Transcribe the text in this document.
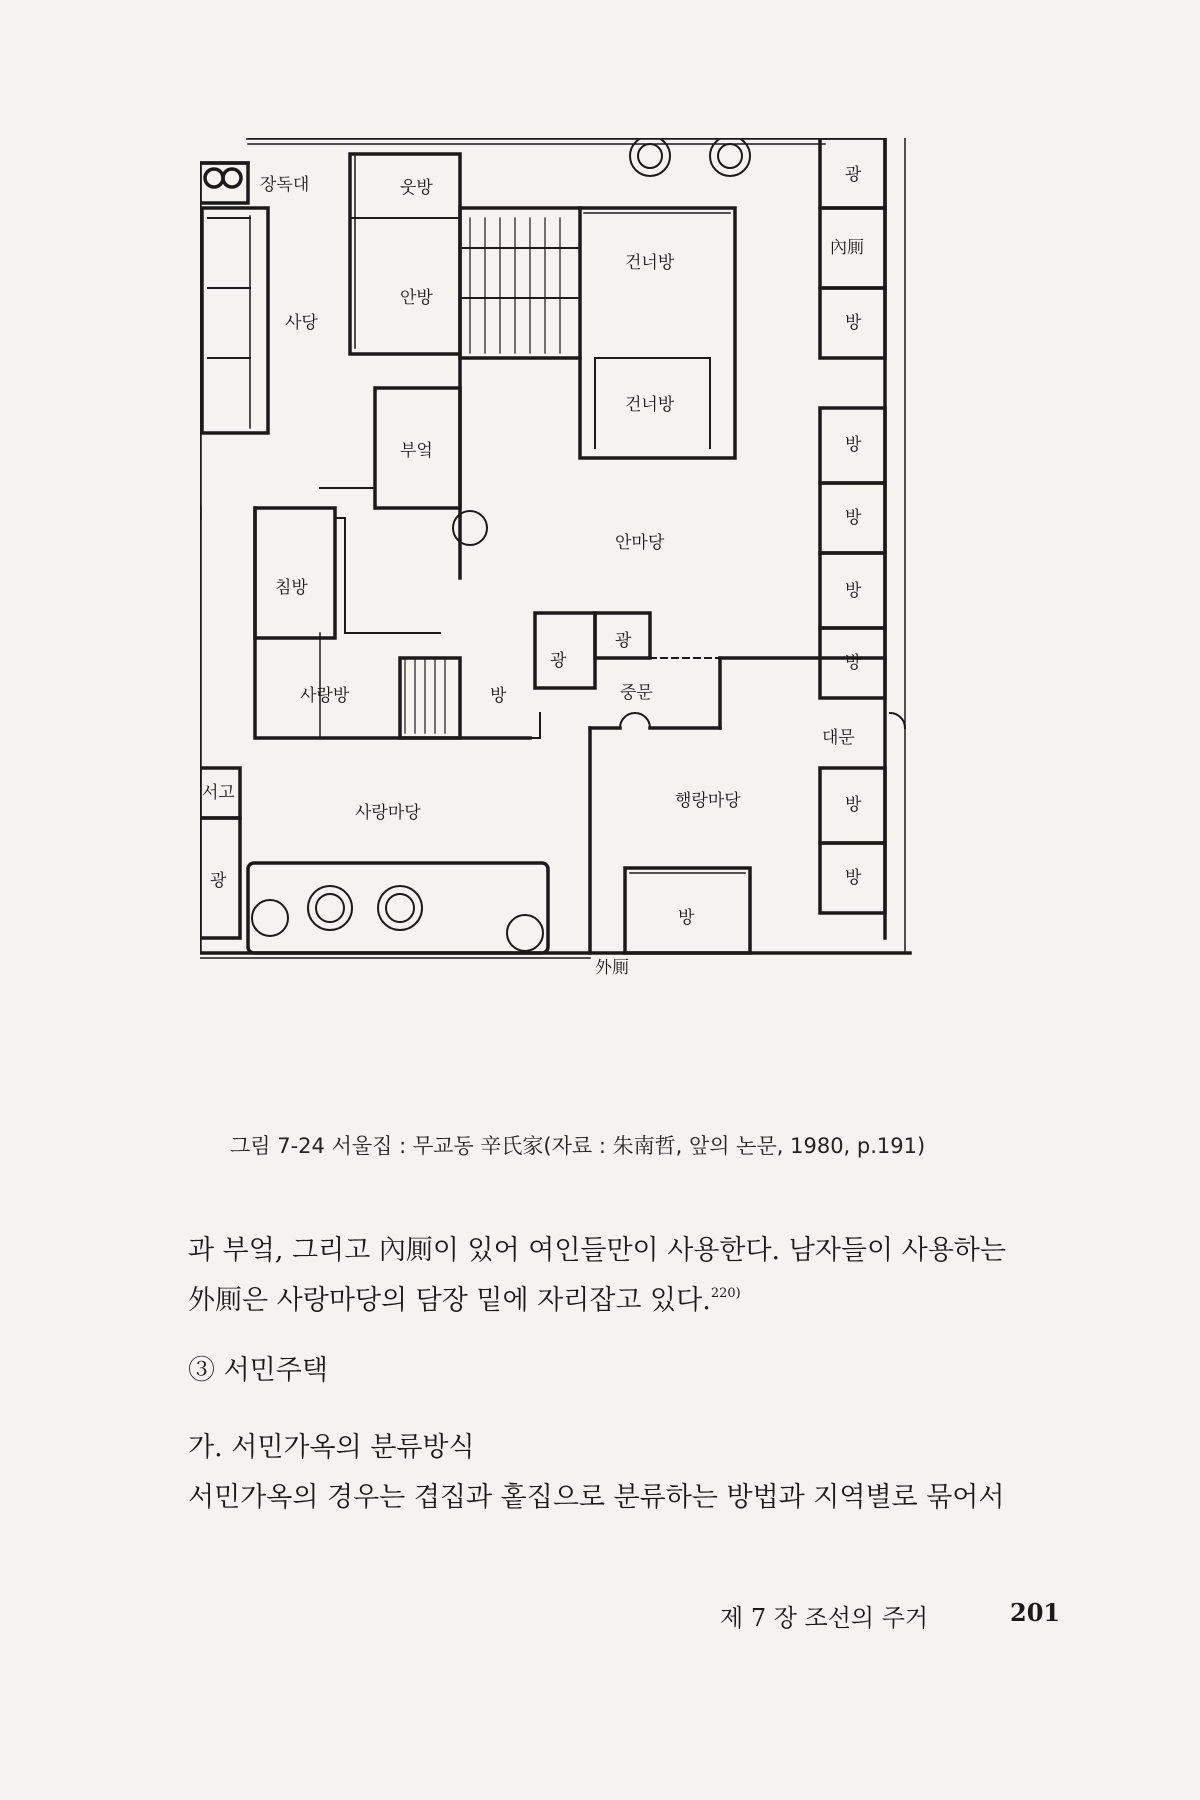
장독대
사당
웃방
안방
건너방
건너방
부엌
안마당
침방
사랑방	방
광
광
중문
대문
행랑마당
사랑마당
서고
광
방
外厠
광
內厠
방
방
방
방
방
방
방
그림 7-24 서울집 : 무교동 辛氏家(자료 : 朱南哲, 앞의 논문, 1980, p.191)
과 부엌, 그리고 內厠이 있어 여인들만이 사용한다. 남자들이 사용하는
外厠은 사랑마당의 담장 밑에 자리잡고 있다.$^{220)}$
③ 서민주택
가. 서민가옥의 분류방식
서민가옥의 경우는 겹집과 홑집으로 분류하는 방법과 지역별로 묶어서
제 7 장 조선의 주거	201
